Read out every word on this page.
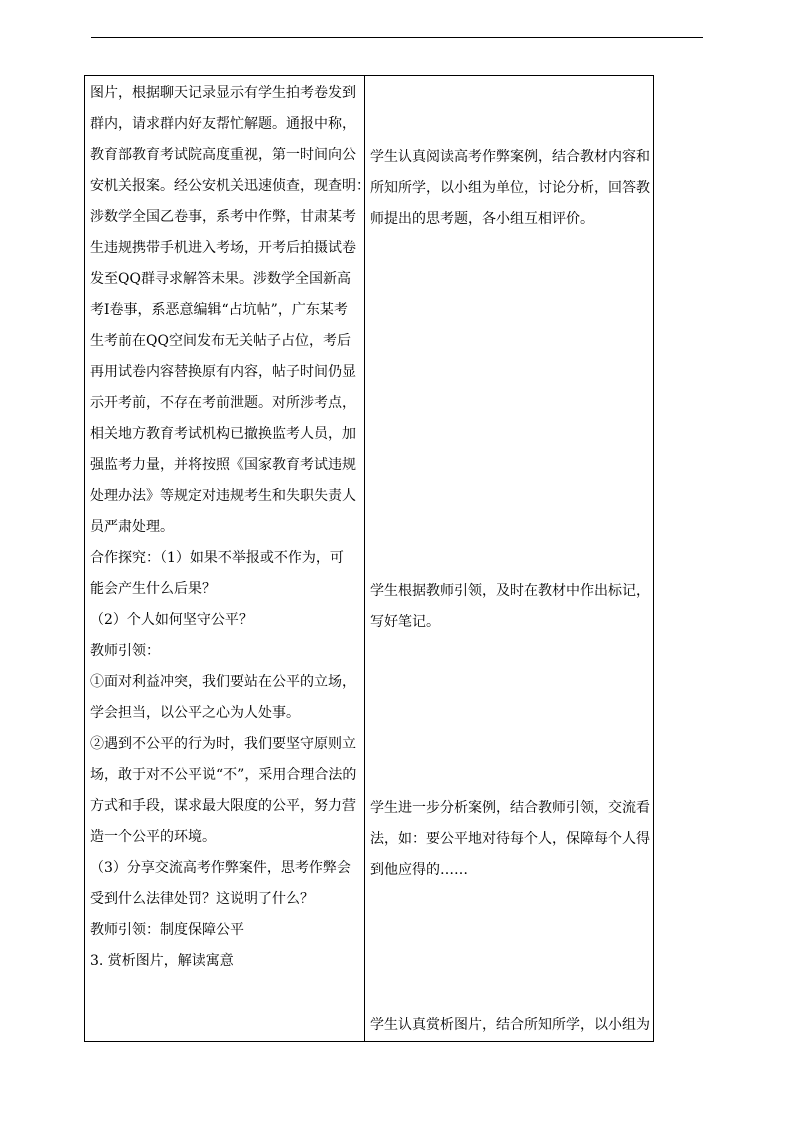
图片，根据聊天记录显示有学生拍考卷发到
群内，请求群内好友帮忙解题。通报中称，
教育部教育考试院高度重视，第一时间向公
安机关报案。经公安机关迅速侦查，现查明：
涉数学全国乙卷事，系考中作弊，甘肃某考
生违规携带手机进入考场，开考后拍摄试卷
发至QQ群寻求解答未果。涉数学全国新高
考I卷事，系恶意编辑“占坑帖”，广东某考
生考前在QQ空间发布无关帖子占位，考后
再用试卷内容替换原有内容，帖子时间仍显
示开考前，不存在考前泄题。对所涉考点，
相关地方教育考试机构已撤换监考人员，加
强监考力量，并将按照《国家教育考试违规
处理办法》等规定对违规考生和失职失责人
员严肃处理。
合作探究：（1）如果不举报或不作为，可
能会产生什么后果？
（2）个人如何坚守公平？
教师引领：
①面对利益冲突，我们要站在公平的立场，
学会担当，以公平之心为人处事。
②遇到不公平的行为时，我们要坚守原则立
场，敢于对不公平说“不”，采用合理合法的
方式和手段，谋求最大限度的公平，努力营
造一个公平的环境。
（3）分享交流高考作弊案件，思考作弊会
受到什么法律处罚？这说明了什么？
教师引领：制度保障公平
3. 赏析图片，解读寓意
学生认真阅读高考作弊案例，结合教材内容和
所知所学，以小组为单位，讨论分析，回答教
师提出的思考题，各小组互相评价。
学生根据教师引领，及时在教材中作出标记，
写好笔记。
学生进一步分析案例，结合教师引领，交流看
法，如：要公平地对待每个人，保障每个人得
到他应得的……
学生认真赏析图片，结合所知所学，以小组为
